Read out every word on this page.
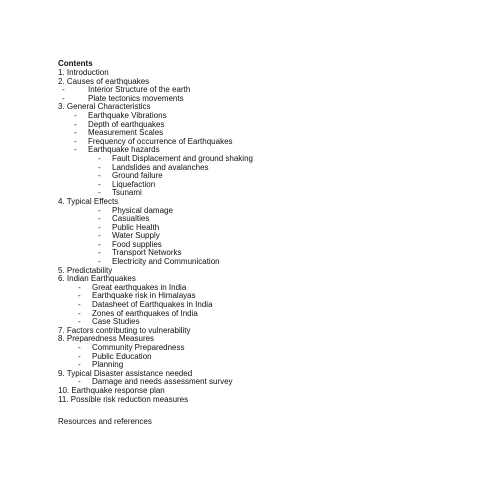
Contents
1. Introduction
2. Causes of earthquakes
-	Interior Structure of the earth
-	Plate tectonics movements
3. General Characteristics
-	Earthquake Vibrations
-	Depth of earthquakes
-	Measurement Scales
-	Frequency of occurrence of Earthquakes
-	Earthquake hazards
-	Fault Displacement and ground shaking
-	Landslides and avalanches
-	Ground failure
-	Liquefaction
-	Tsunami
4. Typical Effects
-	Physical damage
-	Casualties
-	Public Health
-	Water Supply
-	Food supplies
-	Transport Networks
-	Electricity and Communication
5. Predictability
6. Indian Earthquakes
-	Great earthquakes in India
-	Earthquake risk in Himalayas
-	Datasheet of Earthquakes in India
-	Zones of earthquakes of India
-	Case Studies
7. Factors contributing to vulnerability
8. Preparedness Measures
-	Community Preparedness
-	Public Education
-	Planning
9. Typical Disaster assistance needed
-	Damage and needs assessment survey
10. Earthquake response plan
11. Possible risk reduction measures
Resources and references
